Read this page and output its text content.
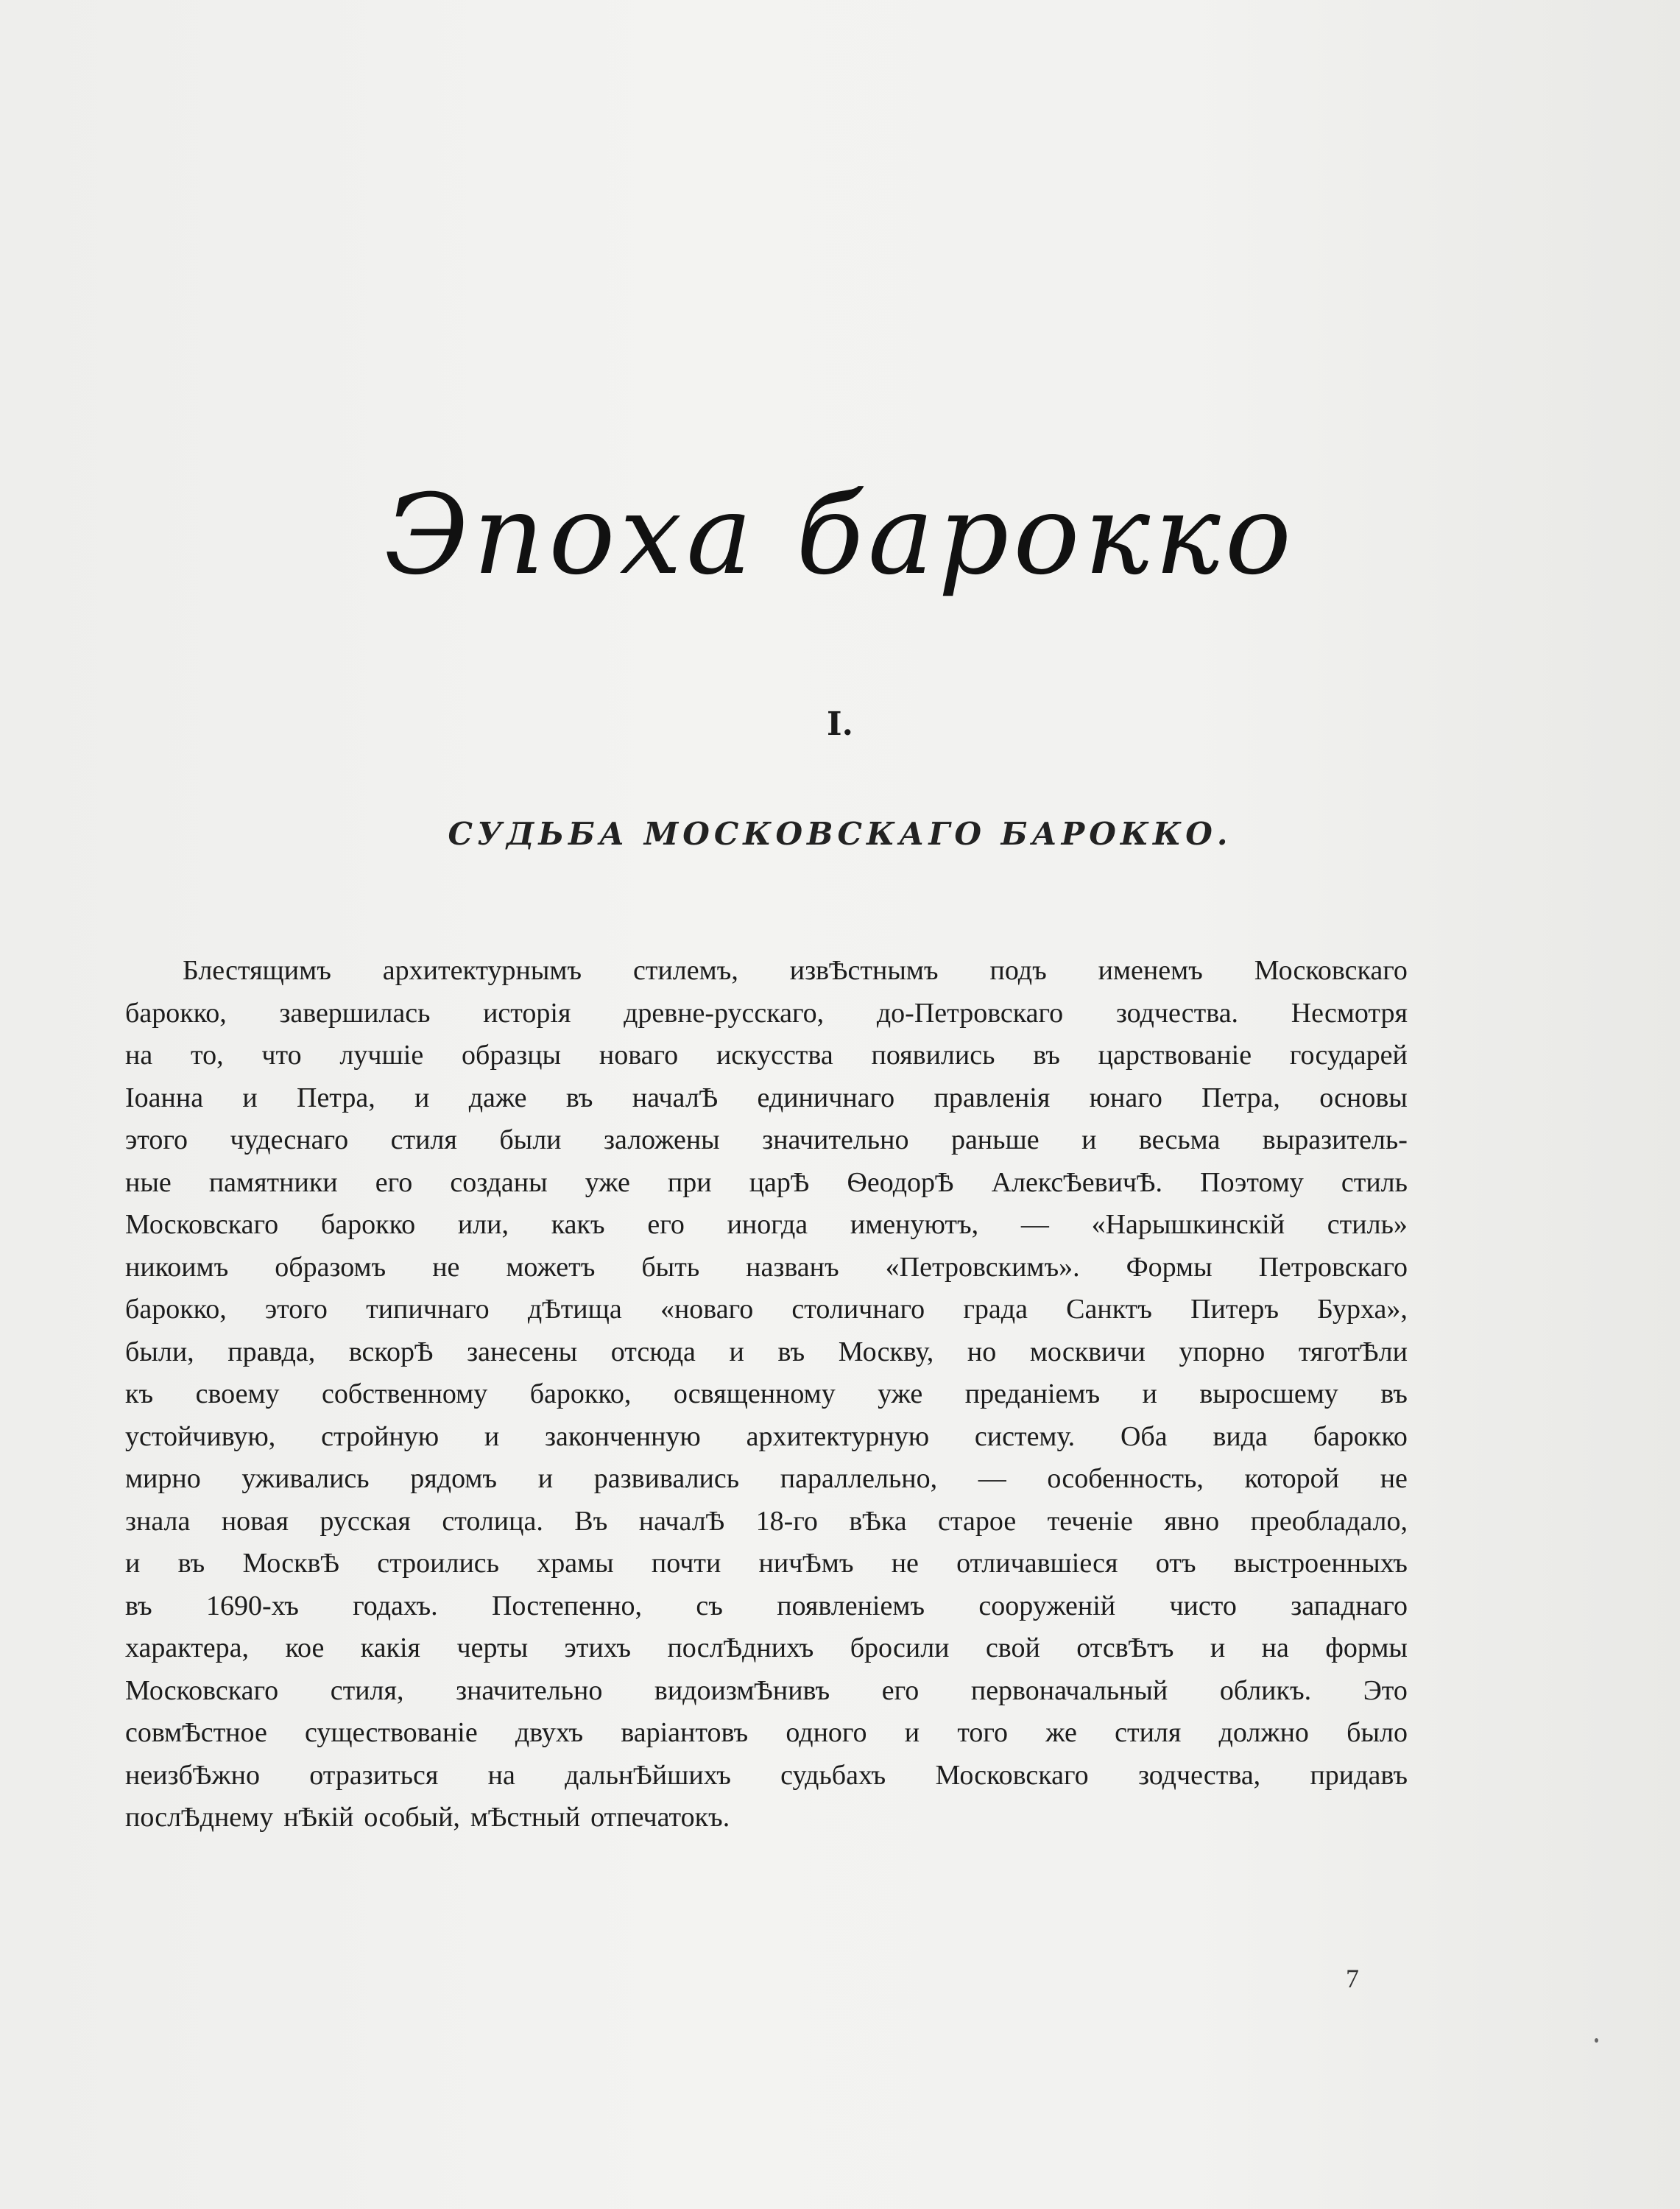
Эпоха барокко
I.
СУДЬБА МОСКОВСКАГО БАРОККО.
Блестящимъ архитектурнымъ стилемъ, извѢстнымъ подъ именемъ Московскаго
барокко, завершилась исторія древне-русскаго, до-Петровскаго зодчества. Несмотря
на то, что лучшіе образцы новаго искусства появились въ царствованіе государей
Іоанна и Петра, и даже въ началѢ единичнаго правленія юнаго Петра, основы
этого чудеснаго стиля были заложены значительно раньше и весьма выразитель-
ные памятники его созданы уже при царѢ ѲеодорѢ АлексѢевичѢ. Поэтому стиль
Московскаго барокко или, какъ его иногда именуютъ, — «Нарышкинскій стиль»
никоимъ образомъ не можетъ быть названъ «Петровскимъ». Формы Петровскаго
барокко, этого типичнаго дѢтища «новаго столичнаго града Санктъ Питеръ Бурха»,
были, правда, вскорѢ занесены отсюда и въ Москву, но москвичи упорно тяготѢли
къ своему собственному барокко, освященному уже преданіемъ и выросшему въ
устойчивую, стройную и законченную архитектурную систему. Оба вида барокко
мирно уживались рядомъ и развивались параллельно, — особенность, которой не
знала новая русская столица. Въ началѢ 18-го вѢка старое теченіе явно преобладало,
и въ МосквѢ строились храмы почти ничѢмъ не отличавшіеся отъ выстроенныхъ
въ 1690-хъ годахъ. Постепенно, съ появленіемъ сооруженій чисто западнаго
характера, кое какія черты этихъ послѢднихъ бросили свой отсвѢтъ и на формы
Московскаго стиля, значительно видоизмѢнивъ его первоначальный обликъ. Это
совмѢстное существованіе двухъ варіантовъ одного и того же стиля должно было
неизбѢжно отразиться на дальнѢйшихъ судьбахъ Московскаго зодчества, придавъ
послѢднему нѢкій особый, мѢстный отпечатокъ.
7
